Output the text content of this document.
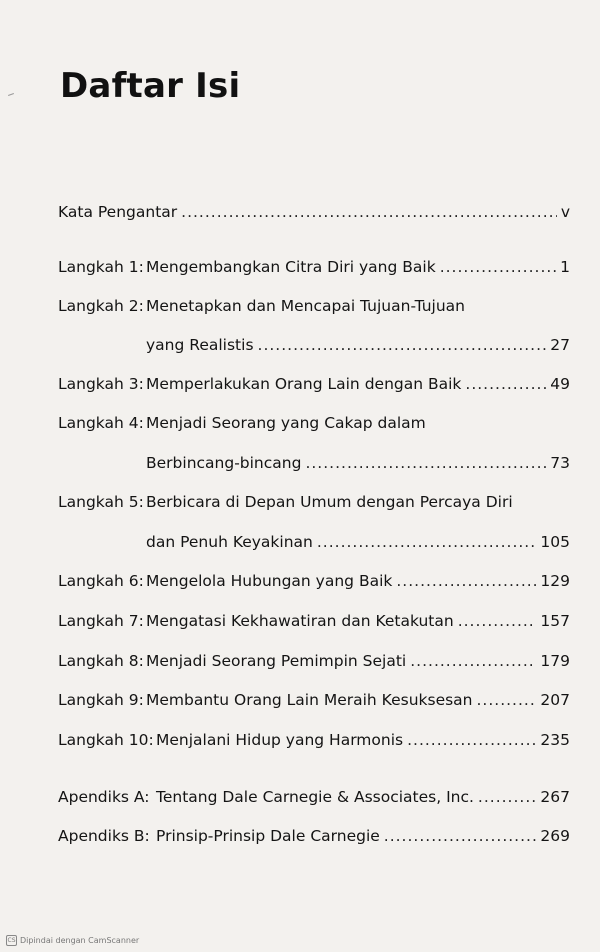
Daftar Isi
Kata Pengantar .....	v
Langkah 1: Mengembangkan Citra Diri yang Baik .....	1
Langkah 2: Menetapkan dan Mencapai Tujuan-Tujuan
yang Realistis .....	27
Langkah 3: Memperlakukan Orang Lain dengan Baik .....	49
Langkah 4: Menjadi Seorang yang Cakap dalam
Berbincang-bincang .....	73
Langkah 5: Berbicara di Depan Umum dengan Percaya Diri
dan Penuh Keyakinan .....	105
Langkah 6: Mengelola Hubungan yang Baik .....	129
Langkah 7: Mengatasi Kekhawatiran dan Ketakutan .....	157
Langkah 8: Menjadi Seorang Pemimpin Sejati .....	179
Langkah 9: Membantu Orang Lain Meraih Kesuksesan .....	207
Langkah 10: Menjalani Hidup yang Harmonis .....	235
Apendiks A: Tentang Dale Carnegie & Associates, Inc. .....	267
Apendiks B: Prinsip-Prinsip Dale Carnegie .....	269
CS Dipindai dengan CamScanner
